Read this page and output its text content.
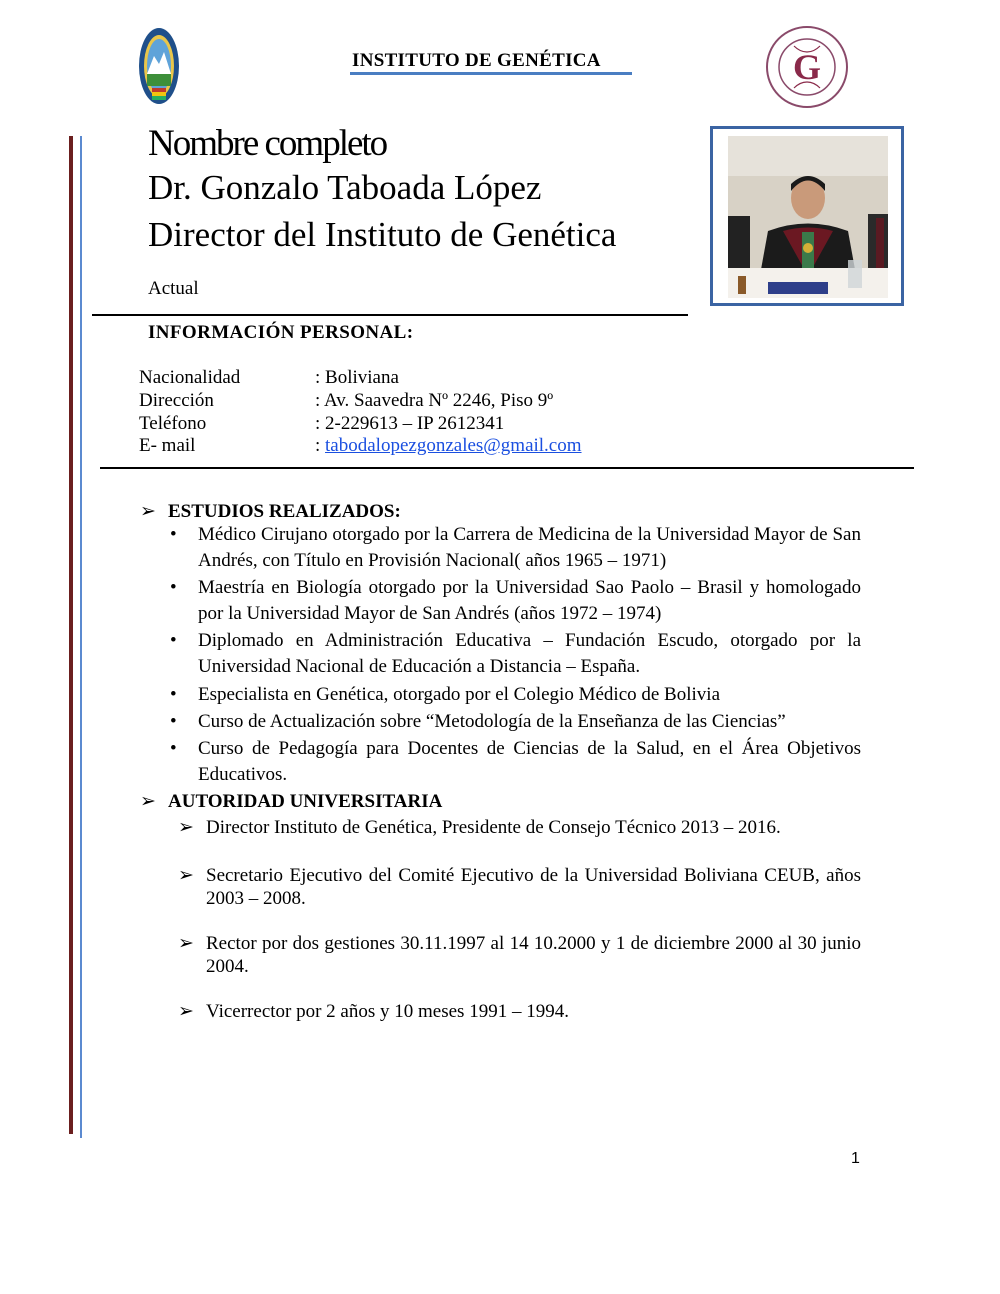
INSTITUTO DE GENÉTICA	G
Nombre completo
Dr. Gonzalo Taboada López
Director del Instituto de Genética
Actual
INFORMACIÓN PERSONAL:
Nacionalidad	: Boliviana
Dirección	: Av. Saavedra Nº 2246, Piso 9º
Teléfono	: 2-229613 – IP 2612341
E- mail	: tabodalopezgonzales@gmail.com
➢ ESTUDIOS REALIZADOS:
• Médico Cirujano otorgado por la Carrera de Medicina de la Universidad Mayor de San Andrés, con Título en Provisión Nacional( años 1965 – 1971)
• Maestría en Biología otorgado por la Universidad Sao Paolo – Brasil y homologado por la Universidad Mayor de San Andrés (años 1972 – 1974)
• Diplomado en Administración Educativa – Fundación Escudo, otorgado por la Universidad Nacional de Educación a Distancia – España.
• Especialista en Genética, otorgado por el Colegio Médico de Bolivia
• Curso de Actualización sobre “Metodología de la Enseñanza de las Ciencias”
• Curso de Pedagogía para Docentes de Ciencias de la Salud, en el Área Objetivos Educativos.
➢ AUTORIDAD UNIVERSITARIA
➢ Director Instituto de Genética, Presidente de Consejo Técnico 2013 – 2016.
➢ Secretario Ejecutivo del Comité Ejecutivo de la Universidad Boliviana CEUB, años 2003 – 2008.
➢ Rector por dos gestiones 30.11.1997 al 14 10.2000 y 1 de diciembre 2000 al 30 junio 2004.
➢ Vicerrector por 2 años y 10 meses 1991 – 1994.
1
